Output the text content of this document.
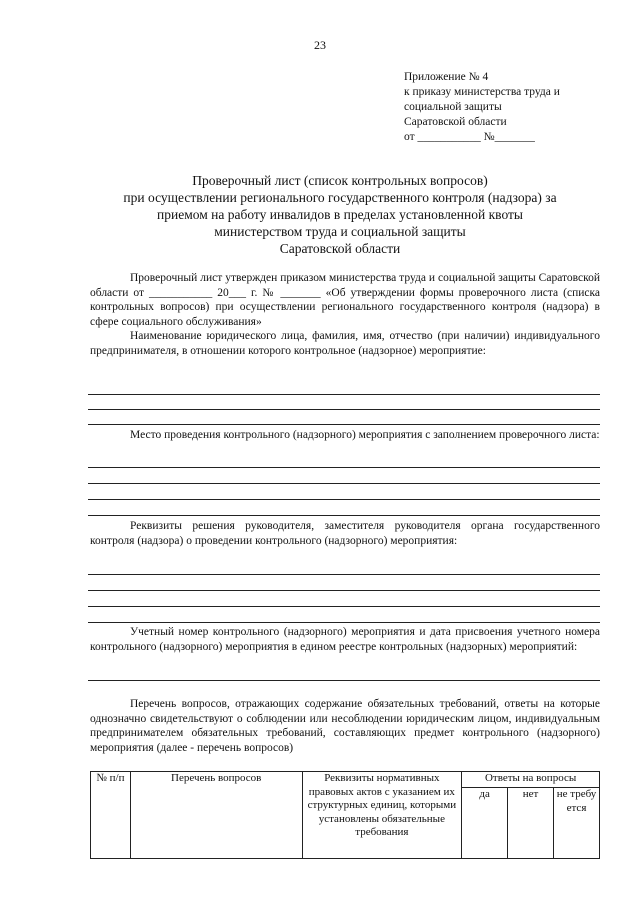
23
Приложение № 4
к приказу министерства труда и
социальной защиты
Саратовской области
от ___________ №_______
Проверочный лист (список контрольных вопросов)
при осуществлении регионального государственного контроля (надзора) за
приемом на работу инвалидов в пределах установленной квоты
министерством труда и социальной защиты
Саратовской области

Проверочный лист утвержден приказом министерства труда и социальной защиты Саратовской области от ___________ 20___ г. № _______ «Об утверждении формы проверочного листа (списка контрольных вопросов) при осуществлении регионального государственного контроля (надзора) в сфере социального обслуживания»

Наименование юридического лица, фамилия, имя, отчество (при наличии) индивидуального предпринимателя, в отношении которого контрольное (надзорное) мероприятие:

Место проведения контрольного (надзорного) мероприятия с заполнением проверочного листа:

Реквизиты решения руководителя, заместителя руководителя органа государственного контроля (надзора) о проведении контрольного (надзорного) мероприятия:

Учетный номер контрольного (надзорного) мероприятия и дата присвоения учетного номера контрольного (надзорного) мероприятия в едином реестре контрольных (надзорных) мероприятий:

Перечень вопросов, отражающих содержание обязательных требований, ответы на которые однозначно свидетельствуют о соблюдении или несоблюдении юридическим лицом, индивидуальным предпринимателем обязательных требований, составляющих предмет контрольного (надзорного) мероприятия (далее - перечень вопросов)

№ п/п	Перечень вопросов	Реквизиты нормативных правовых актов с указанием их структурных единиц, которыми установлены обязательные требования	Ответы на вопросы		
			да	нет	не требу ется
